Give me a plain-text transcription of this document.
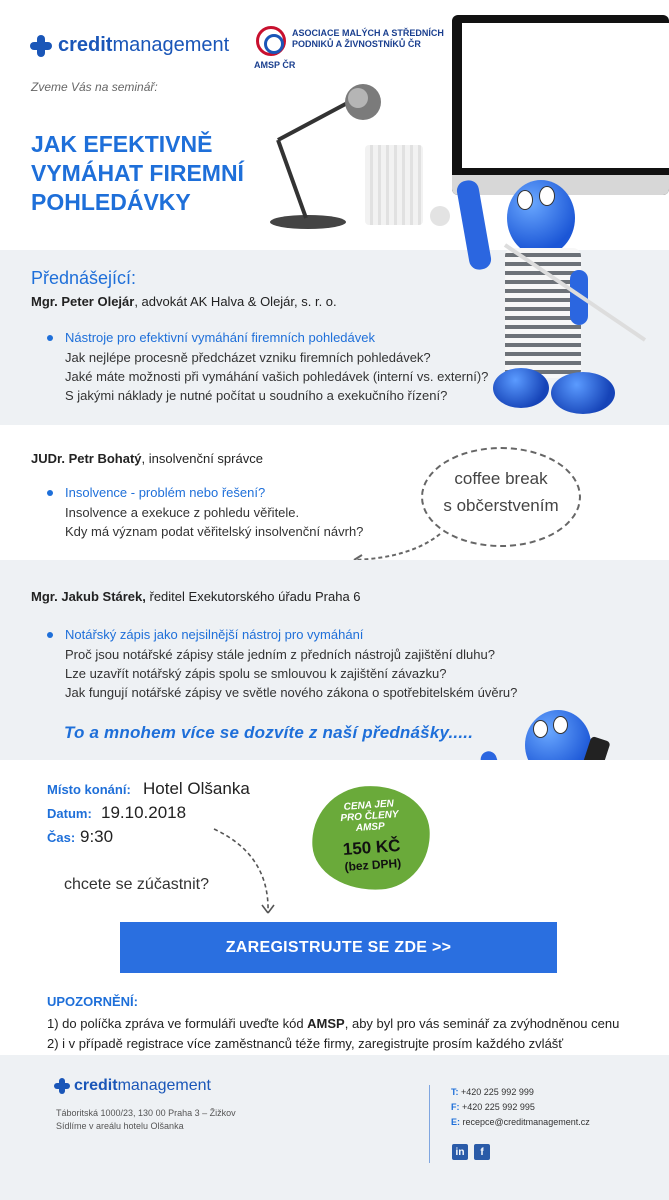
creditmanagement
ASOCIACE MALÝCH A STŘEDNÍCH PODNIKŮ A ŽIVNOSTNÍKŮ ČR
AMSP ČR
Zveme Vás na seminář:
JAK EFEKTIVNĚ
VYMÁHAT FIREMNÍ
POHLEDÁVKY
Přednášející:
Mgr. Peter Olejár, advokát AK Halva & Olejár, s. r. o.
Nástroje pro efektivní vymáhání firemních pohledávek
Jak nejlépe procesně předcházet vzniku firemních pohledávek?
Jaké máte možnosti při vymáhání vašich pohledávek (interní vs. externí)?
S jakými náklady je nutné počítat u soudního a exekučního řízení?
JUDr. Petr Bohatý, insolvenční správce
Insolvence - problém nebo řešení?
Insolvence a exekuce z pohledu věřitele.
Kdy má význam podat věřitelský insolvenční návrh?
coffee break
s občerstvením
Mgr. Jakub Stárek, ředitel Exekutorského úřadu Praha 6
Notářský zápis jako nejsilnější nástroj pro vymáhání
Proč jsou notářské zápisy stále jedním z předních nástrojů zajištění dluhu?
Lze uzavřít notářský zápis spolu se smlouvou k zajištění závazku?
Jak fungují notářské zápisy ve světle nového zákona o spotřebitelském úvěru?
To a mnohem více se dozvíte z naší přednášky.....
Místo konání: Hotel Olšanka
Datum: 19.10.2018
Čas: 9:30
chcete se zúčastnit?
CENA JEN
PRO ČLENY
AMSP
150 KČ
(bez DPH)
ZAREGISTRUJTE SE ZDE >>
UPOZORNĚNÍ:
1) do políčka zpráva ve formuláři uveďte kód AMSP, aby byl pro vás seminář za zvýhodněnou cenu
2) i v případě registrace více zaměstnanců téže firmy, zaregistrujte prosím každého zvlášť
creditmanagement
Táboritská 1000/23, 130 00 Praha 3 – Žižkov
Sídlíme v areálu hotelu Olšanka
T: +420 225 992 999
F: +420 225 992 995
E: recepce@creditmanagement.cz
in	f
